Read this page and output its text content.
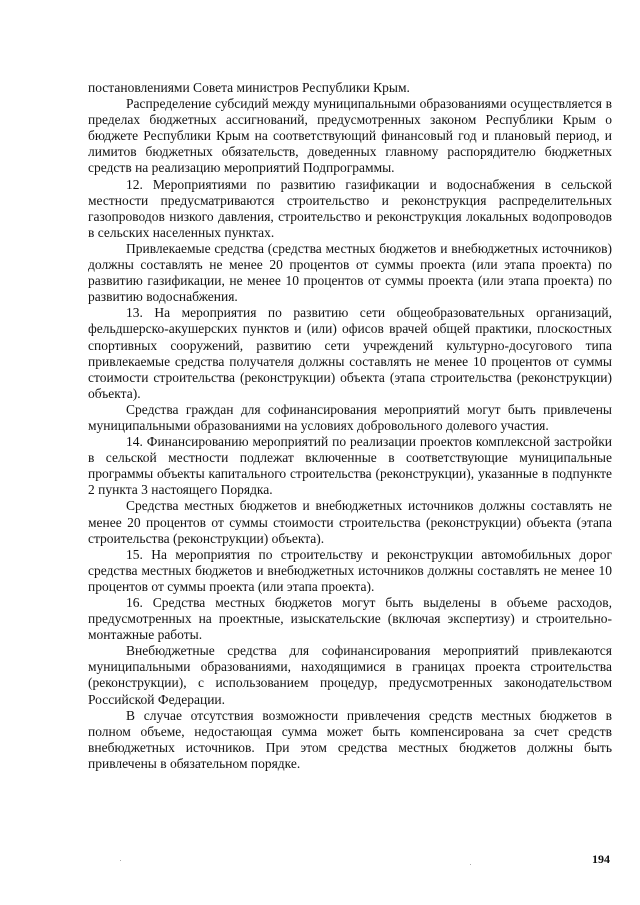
постановлениями Совета министров Республики Крым.

Распределение субсидий между муниципальными образованиями осуществляется в пределах бюджетных ассигнований, предусмотренных законом Республики Крым о бюджете Республики Крым на соответствующий финансовый год и плановый период, и лимитов бюджетных обязательств, доведенных главному распорядителю бюджетных средств на реализацию мероприятий Подпрограммы.

12. Мероприятиями по развитию газификации и водоснабжения в сельской местности предусматриваются строительство и реконструкция распределительных газопроводов низкого давления, строительство и реконструкция локальных водопроводов в сельских населенных пунктах.

Привлекаемые средства (средства местных бюджетов и внебюджетных источников) должны составлять не менее 20 процентов от суммы проекта (или этапа проекта) по развитию газификации, не менее 10 процентов от суммы проекта (или этапа проекта) по развитию водоснабжения.

13. На мероприятия по развитию сети общеобразовательных организаций, фельдшерско-акушерских пунктов и (или) офисов врачей общей практики, плоскостных спортивных сооружений, развитию сети учреждений культурно-досугового типа привлекаемые средства получателя должны составлять не менее 10 процентов от суммы стоимости строительства (реконструкции) объекта (этапа строительства (реконструкции) объекта).

Средства граждан для софинансирования мероприятий могут быть привлечены муниципальными образованиями на условиях добровольного долевого участия.

14. Финансированию мероприятий по реализации проектов комплексной застройки в сельской местности подлежат включенные в соответствующие муниципальные программы объекты капитального строительства (реконструкции), указанные в подпункте 2 пункта 3 настоящего Порядка.

Средства местных бюджетов и внебюджетных источников должны составлять не менее 20 процентов от суммы стоимости строительства (реконструкции) объекта (этапа строительства (реконструкции) объекта).

15. На мероприятия по строительству и реконструкции автомобильных дорог средства местных бюджетов и внебюджетных источников должны составлять не менее 10 процентов от суммы проекта (или этапа проекта).

16. Средства местных бюджетов могут быть выделены в объеме расходов, предусмотренных на проектные, изыскательские (включая экспертизу) и строительно-монтажные работы.

Внебюджетные средства для софинансирования мероприятий привлекаются муниципальными образованиями, находящимися в границах проекта строительства (реконструкции), с использованием процедур, предусмотренных законодательством Российской Федерации.

В случае отсутствия возможности привлечения средств местных бюджетов в полном объеме, недостающая сумма может быть компенсирована за счет средств внебюджетных источников. При этом средства местных бюджетов должны быть привлечены в обязательном порядке.

194
